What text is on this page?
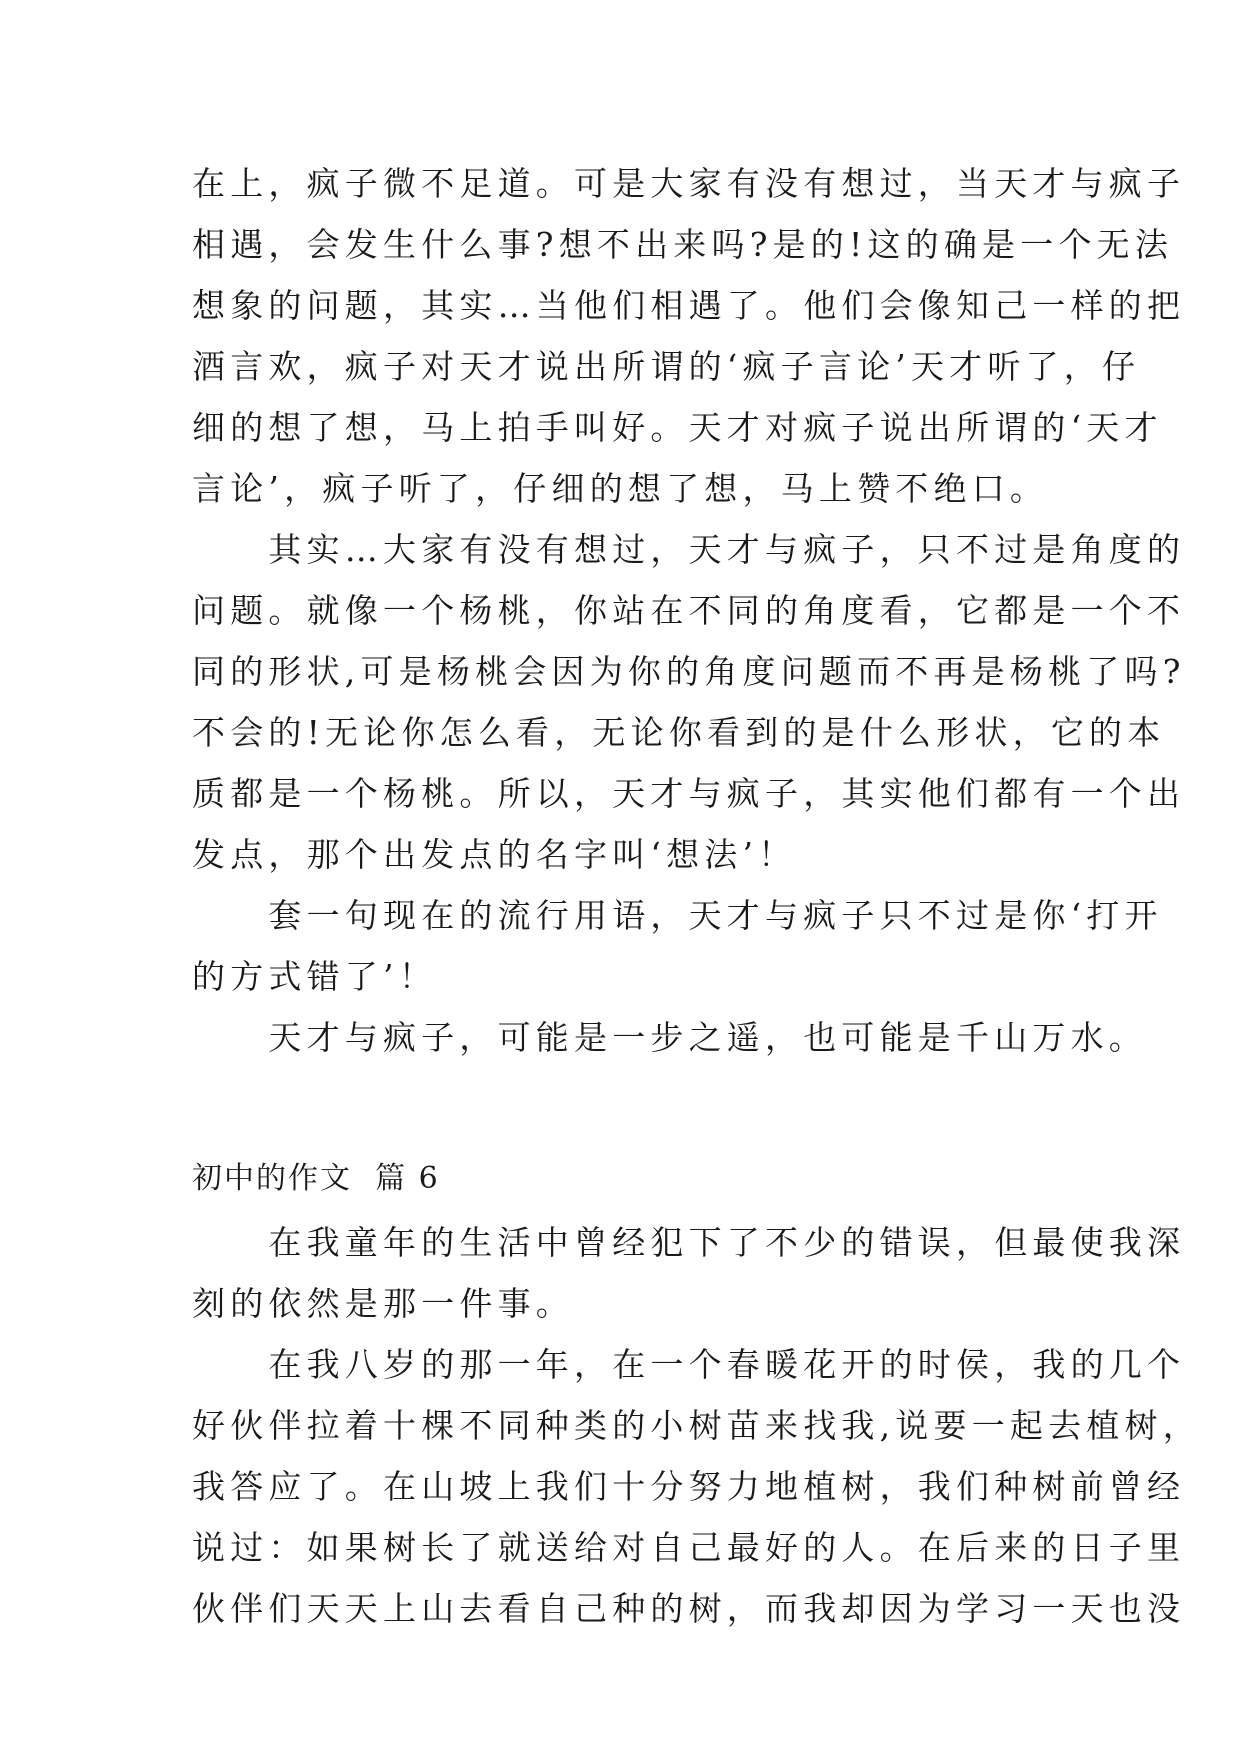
在上，疯子微不足道。可是大家有没有想过，当天才与疯子
相遇，会发生什么事?想不出来吗?是的!这的确是一个无法
想象的问题，其实…当他们相遇了。他们会像知己一样的把
酒言欢，疯子对天才说出所谓的‘疯子言论’天才听了，仔
细的想了想，马上拍手叫好。天才对疯子说出所谓的‘天才
言论’，疯子听了，仔细的想了想，马上赞不绝口。
　　其实…大家有没有想过，天才与疯子，只不过是角度的
问题。就像一个杨桃，你站在不同的角度看，它都是一个不
同的形状,可是杨桃会因为你的角度问题而不再是杨桃了吗?
不会的!无论你怎么看，无论你看到的是什么形状，它的本
质都是一个杨桃。所以，天才与疯子，其实他们都有一个出
发点，那个出发点的名字叫‘想法’！
　　套一句现在的流行用语，天才与疯子只不过是你‘打开
的方式错了’！
　　天才与疯子，可能是一步之遥，也可能是千山万水。
初中的作文  篇 6
　　在我童年的生活中曾经犯下了不少的错误，但最使我深
刻的依然是那一件事。
　　在我八岁的那一年，在一个春暖花开的时侯，我的几个
好伙伴拉着十棵不同种类的小树苗来找我,说要一起去植树，
我答应了。在山坡上我们十分努力地植树，我们种树前曾经
说过：如果树长了就送给对自己最好的人。在后来的日子里
伙伴们天天上山去看自己种的树，而我却因为学习一天也没
